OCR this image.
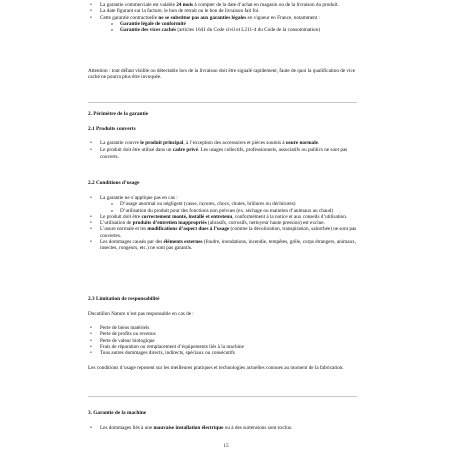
• La garantie commerciale est valable 24 mois à compter de la date d’achat en magasin ou de la livraison du produit.
• La date figurant sur la facture, le bon de retrait ou le bon de livraison fait foi.
• Cette garantie contractuelle ne se substitue pas aux garanties légales en vigueur en France, notamment :
o Garantie légale de conformité
o Garantie des vices cachés (articles 1641 du Code civil et L211-4 du Code de la consommation)

Attention : tout défaut visible ou détectable lors de la livraison doit être signalé rapidement, faute de quoi la qualification de vice caché ne pourra plus être invoquée.

2. Périmètre de la garantie
2.1 Produits couverts
• La garantie couvre le produit principal, à l’exception des accessoires et pièces soumis à usure normale.
• Le produit doit être utilisé dans un cadre privé. Les usages collectifs, professionnels, associatifs ou publics ne sont pas couverts.
2.2 Conditions d’usage
• La garantie ne s’applique pas en cas :
o D’usage anormal ou négligent (casse, rayures, chocs, chutes, brûlures ou déchirures)
o D’utilisation du produit pour des fonctions non prévues (ex. séchage ou maintien d’animaux au chaud)
• Le produit doit être correctement monté, installé et entretenu, conformément à la notice et aux conseils d’utilisation.
• L’utilisation de produits d’entretien inappropriés (abrasifs, corrosifs, nettoyeur haute pression) est exclue.
• L’usure normale et les modifications d’aspect dues à l’usage (comme la décoloration, transpiration, salorrhée) ne sont pas couvertes.
• Les dommages causés par des éléments externes (foudre, inondations, incendie, tempêtes, grêle, corps étrangers, animaux, insectes, rongeurs, etc.) ne sont pas garantis.
2.3 Limitation de responsabilité

Ducatillon Nature n’est pas responsable en cas de :

• Perte de biens matériels
• Perte de profits ou revenus
• Perte de valeur biologique
• Frais de réparation ou remplacement d’équipements liés à la machine
• Tous autres dommages directs, indirects, spéciaux ou consécutifs

Les conditions d’usage reposent sur les meilleures pratiques et technologies actuelles connues au moment de la fabrication.

3. Garantie de la machine
• Les dommages liés à une mauvaise installation électrique ou à des surtensions sont exclus.
15
